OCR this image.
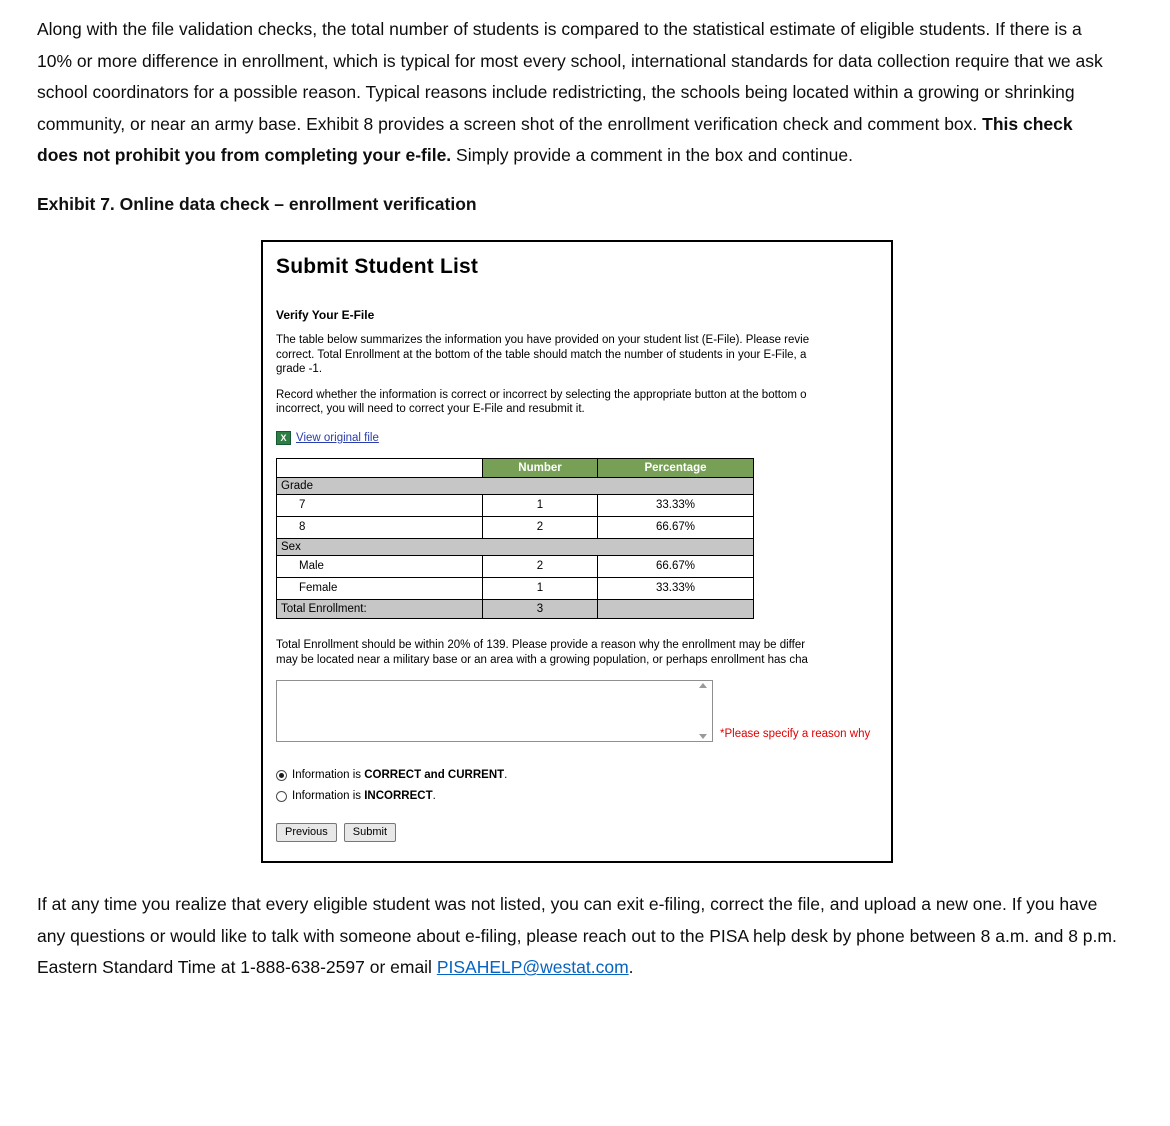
Along with the file validation checks, the total number of students is compared to the statistical estimate of eligible students. If there is a 10% or more difference in enrollment, which is typical for most every school, international standards for data collection require that we ask school coordinators for a possible reason. Typical reasons include redistricting, the schools being located within a growing or shrinking community, or near an army base. Exhibit 8 provides a screen shot of the enrollment verification check and comment box. This check does not prohibit you from completing your e-file. Simply provide a comment in the box and continue.

Exhibit 7. Online data check – enrollment verification

Submit Student List
Verify Your E-File
The table below summarizes the information you have provided on your student list (E-File). Please revie
correct. Total Enrollment at the bottom of the table should match the number of students in your E-File, a
grade -1.
Record whether the information is correct or incorrect by selecting the appropriate button at the bottom o
incorrect, you will need to correct your E-File and resubmit it.
X View original file
	Number	Percentage
Grade		
7	1	33.33%
8	2	66.67%
Sex		
Male	2	66.67%
Female	1	33.33%
Total Enrollment:	3	
Total Enrollment should be within 20% of 139. Please provide a reason why the enrollment may be differ
may be located near a military base or an area with a growing population, or perhaps enrollment has cha
*Please specify a reason why
Information is CORRECT and CURRENT.
Information is INCORRECT.
Previous	Submit

If at any time you realize that every eligible student was not listed, you can exit e-filing, correct the file, and upload a new one. If you have any questions or would like to talk with someone about e-filing, please reach out to the PISA help desk by phone between 8 a.m. and 8 p.m. Eastern Standard Time at 1-888-638-2597 or email PISAHELP@westat.com.
